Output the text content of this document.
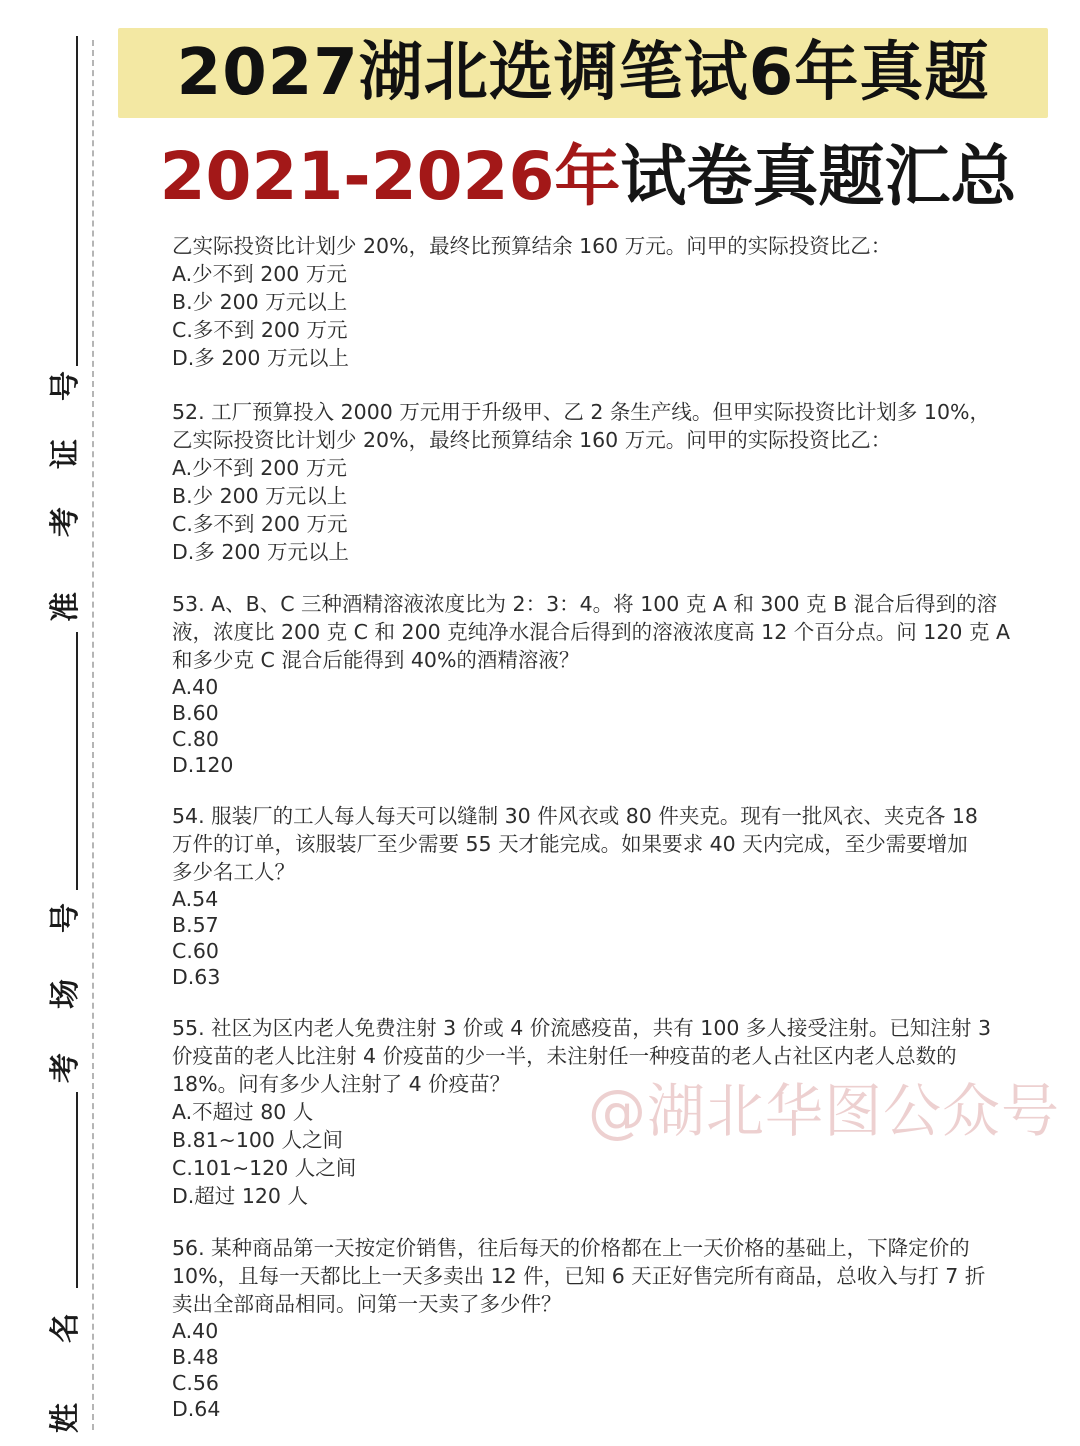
2027湖北选调笔试6年真题
2021-2026年试卷真题汇总
号
证
考
准
号
场
考
名
姓

乙实际投资比计划少 20%，最终比预算结余 160 万元。问甲的实际投资比乙：

A.少不到 200 万元

B.少 200 万元以上

C.多不到 200 万元

D.多 200 万元以上

52. 工厂预算投入 2000 万元用于升级甲、乙 2 条生产线。但甲实际投资比计划多 10%，

乙实际投资比计划少 20%，最终比预算结余 160 万元。问甲的实际投资比乙：

A.少不到 200 万元

B.少 200 万元以上

C.多不到 200 万元

D.多 200 万元以上

53. A、B、C 三种酒精溶液浓度比为 2：3：4。将 100 克 A 和 300 克 B 混合后得到的溶

液，浓度比 200 克 C 和 200 克纯净水混合后得到的溶液浓度高 12 个百分点。问 120 克 A

和多少克 C 混合后能得到 40%的酒精溶液？

A.40

B.60

C.80

D.120

54. 服装厂的工人每人每天可以缝制 30 件风衣或 80 件夹克。现有一批风衣、夹克各 18

万件的订单，该服装厂至少需要 55 天才能完成。如果要求 40 天内完成，至少需要增加

多少名工人？

A.54

B.57

C.60

D.63

55. 社区为区内老人免费注射 3 价或 4 价流感疫苗，共有 100 多人接受注射。已知注射 3

价疫苗的老人比注射 4 价疫苗的少一半，未注射任一种疫苗的老人占社区内老人总数的

18%。问有多少人注射了 4 价疫苗？

A.不超过 80 人

B.81~100 人之间

C.101~120 人之间

D.超过 120 人

56. 某种商品第一天按定价销售，往后每天的价格都在上一天价格的基础上，下降定价的

10%，且每一天都比上一天多卖出 12 件，已知 6 天正好售完所有商品，总收入与打 7 折

卖出全部商品相同。问第一天卖了多少件？

A.40

B.48

C.56

D.64

@湖北华图公众号
